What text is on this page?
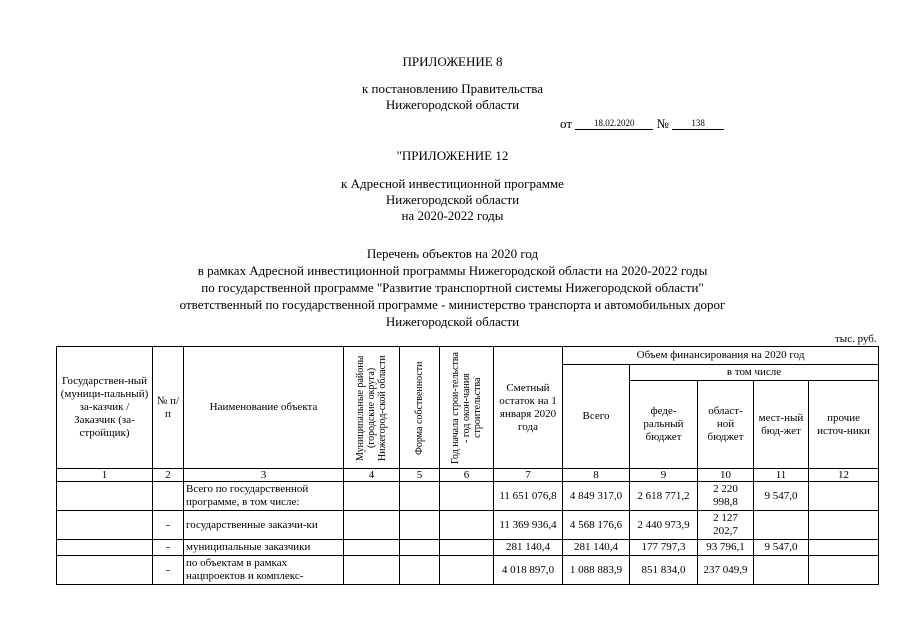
ПРИЛОЖЕНИЕ 8
к постановлению Правительства
Нижегородской области
от 18.02.2020 №	138
"ПРИЛОЖЕНИЕ 12
к Адресной инвестиционной программе
Нижегородской области
на 2020-2022 годы
Перечень объектов на 2020 год
в рамках Адресной инвестиционной программы Нижегородской области на 2020-2022 годы
по государственной программе "Развитие транспортной системы Нижегородской области"
ответственный по государственной программе - министерство транспорта и автомобильных дорог
Нижегородской области
тыс. руб.
Государствен-ный (муници-пальный) за-казчик / Заказчик (за-стройщик)	№ п/п	Наименование объекта	Муниципальные районы (городские округа) Нижегород-ской области	Форма собственности	Год начала строи-тельства - год окон-чания строительства	Сметный остаток на 1 января 2020 года	Объем финансирования на 2020 год				
							Всего	в том числе			
								феде-ральный бюджет	област-ной бюджет	мест-ный бюд-жет	прочие источ-ники
1	2	3	4	5	6	7	8	9	10	11	12
		Всего по государственной программе, в том числе:				11 651 076,8	4 849 317,0	2 618 771,2	2 220 998,8	9 547,0	
	-	государственные заказчи-ки				11 369 936,4	4 568 176,6	2 440 973,9	2 127 202,7		
	-	муниципальные заказчики				281 140,4	281 140,4	177 797,3	93 796,1	9 547,0	
	-	по объектам в рамках нацпроектов и комплекс-				4 018 897,0	1 088 883,9	851 834,0	237 049,9		
